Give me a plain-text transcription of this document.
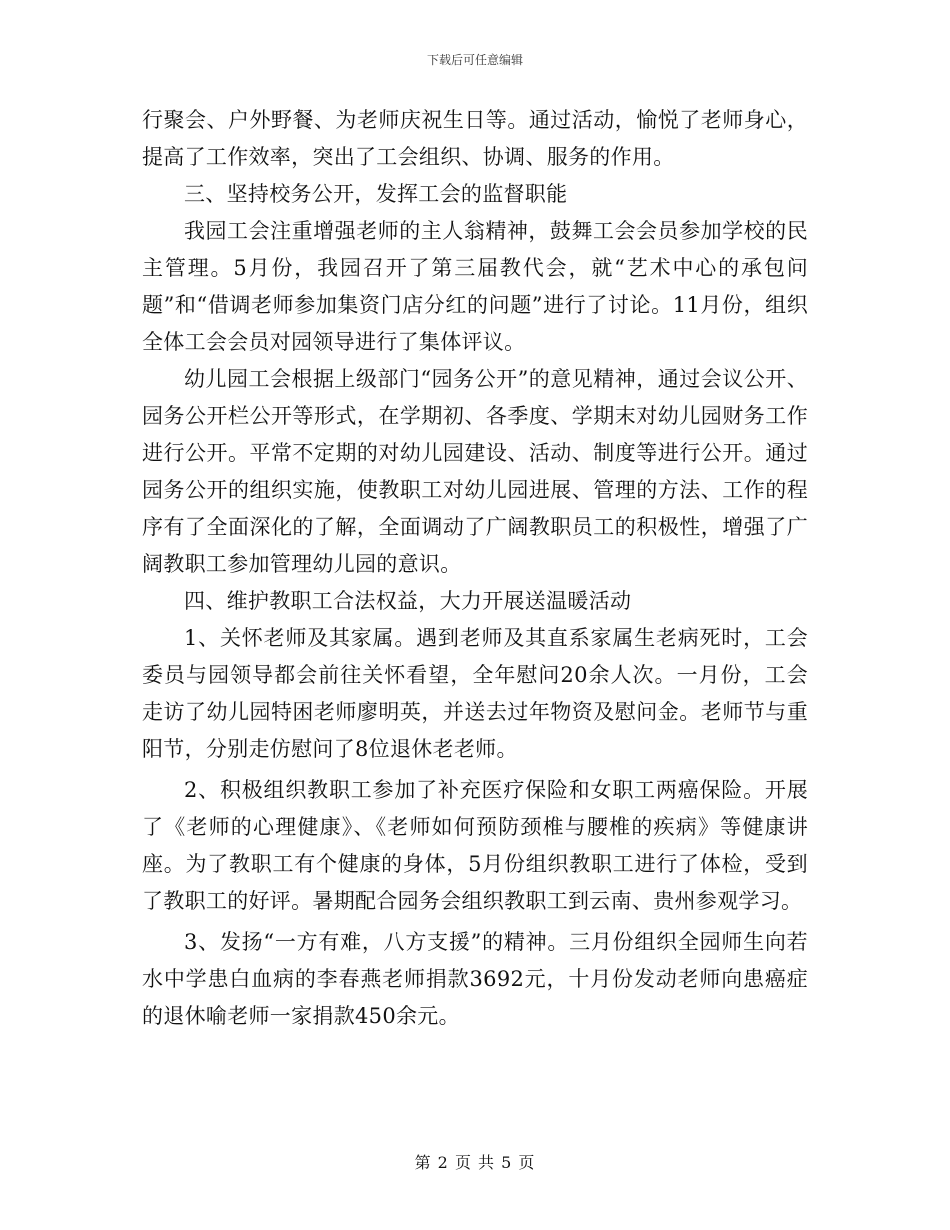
下载后可任意编辑

行聚会、户外野餐、为老师庆祝生日等。通过活动，愉悦了老师身心，提高了工作效率，突出了工会组织、协调、服务的作用。

三、坚持校务公开，发挥工会的监督职能

我园工会注重增强老师的主人翁精神，鼓舞工会会员参加学校的民主管理。5月份，我园召开了第三届教代会，就“艺术中心的承包问题”和“借调老师参加集资门店分红的问题”进行了讨论。11月份，组织全体工会会员对园领导进行了集体评议。

幼儿园工会根据上级部门“园务公开”的意见精神，通过会议公开、园务公开栏公开等形式，在学期初、各季度、学期末对幼儿园财务工作进行公开。平常不定期的对幼儿园建设、活动、制度等进行公开。通过园务公开的组织实施，使教职工对幼儿园进展、管理的方法、工作的程序有了全面深化的了解，全面调动了广阔教职员工的积极性，增强了广阔教职工参加管理幼儿园的意识。

四、维护教职工合法权益，大力开展送温暖活动

1、关怀老师及其家属。遇到老师及其直系家属生老病死时，工会委员与园领导都会前往关怀看望，全年慰问20余人次。一月份，工会走访了幼儿园特困老师廖明英，并送去过年物资及慰问金。老师节与重阳节，分别走仿慰问了8位退休老老师。

2、积极组织教职工参加了补充医疗保险和女职工两癌保险。开展了《老师的心理健康》、《老师如何预防颈椎与腰椎的疾病》等健康讲座。为了教职工有个健康的身体，5月份组织教职工进行了体检，受到了教职工的好评。暑期配合园务会组织教职工到云南、贵州参观学习。

3、发扬“一方有难，八方支援”的精神。三月份组织全园师生向若水中学患白血病的李春燕老师捐款3692元，十月份发动老师向患癌症的退休喻老师一家捐款450余元。

第 2 页 共 5 页
